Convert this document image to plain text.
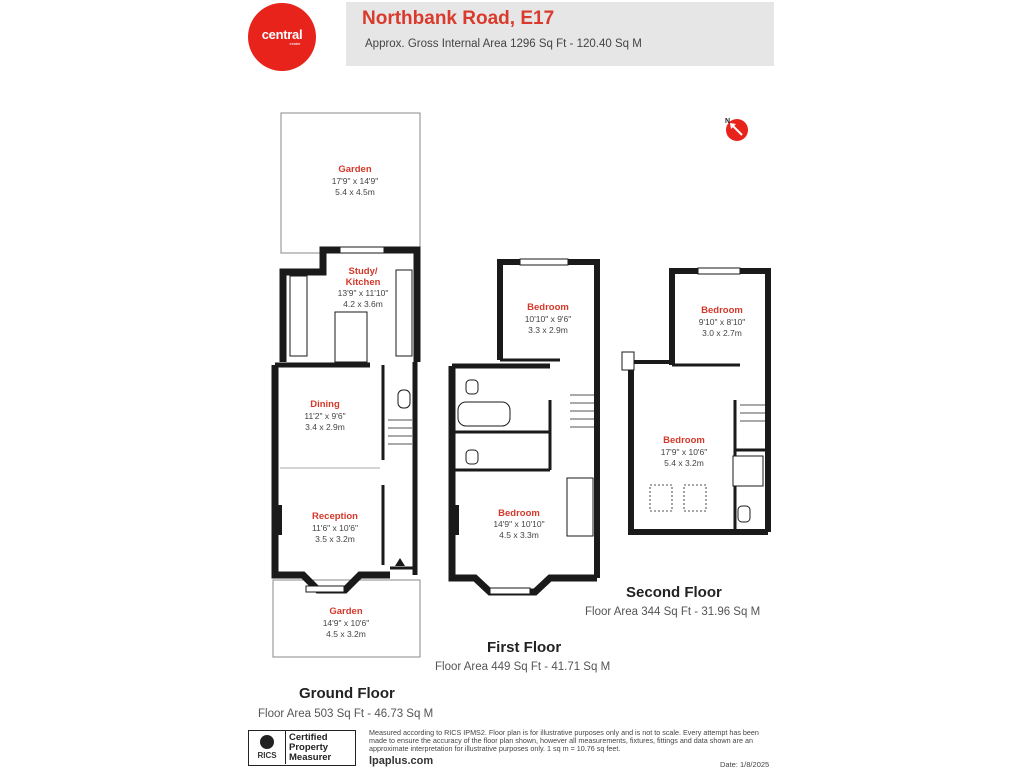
central
estate
Northbank Road, E17
Approx. Gross Internal Area 1296 Sq Ft - 120.40 Sq M
N
Garden
17'9" x 14'9"
5.4 x 4.5m
Study/
Kitchen
13'9" x 11'10"
4.2 x 3.6m
Dining
11'2" x 9'6"
3.4 x 2.9m
Reception
11'6" x 10'6"
3.5 x 3.2m
Garden
14'9" x 10'6"
4.5 x 3.2m
Bedroom
10'10" x 9'6"
3.3 x 2.9m
Bedroom
14'9" x 10'10"
4.5 x 3.3m
Bedroom
9'10" x 8'10"
3.0 x 2.7m
Bedroom
17'9" x 10'6"
5.4 x 3.2m
Second Floor
Floor Area 344 Sq Ft - 31.96 Sq M
First Floor
Floor Area 449 Sq Ft - 41.71 Sq M
Ground Floor
Floor Area 503 Sq Ft - 46.73 Sq M
RICS
Certified
Property
Measurer
Measured according to RICS IPMS2. Floor plan is for illustrative purposes only and is not to scale. Every attempt has been made to ensure the accuracy of the floor plan shown, however all measurements, fixtures, fittings and data shown are an approximate interpretation for illustrative purposes only. 1 sq m = 10.76 sq feet.
lpaplus.com	Date: 1/8/2025
